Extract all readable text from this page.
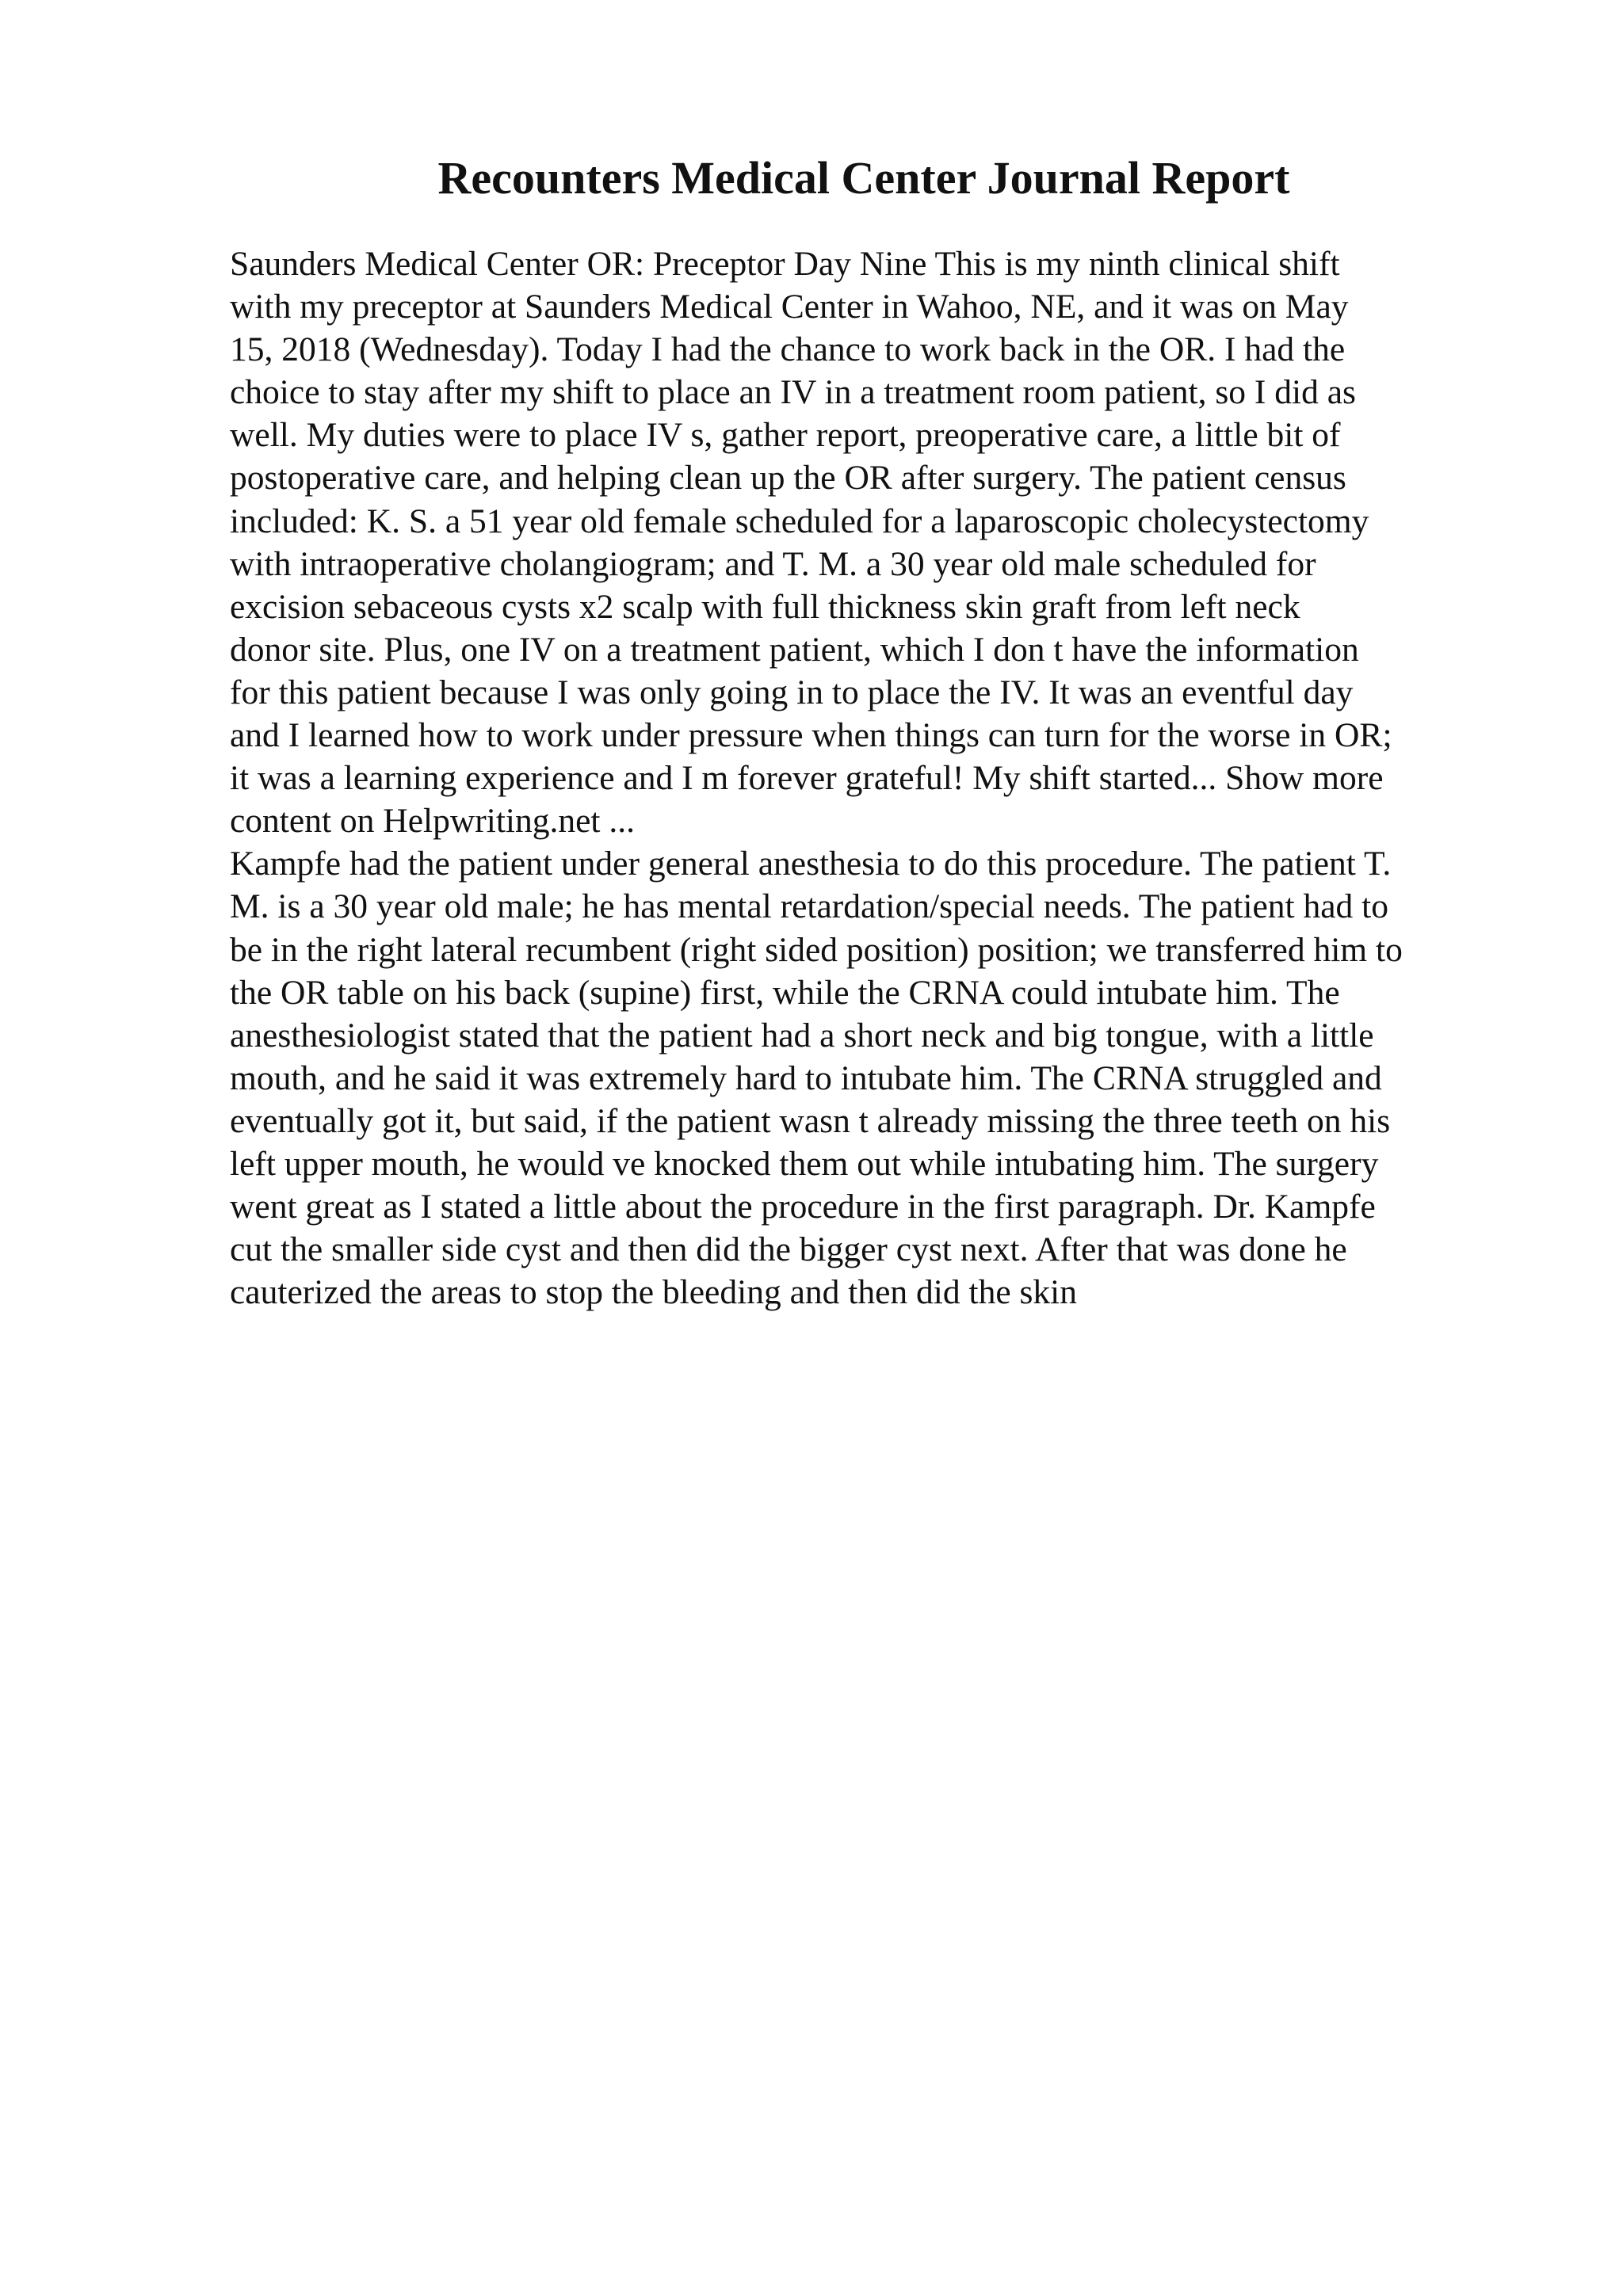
Recounters Medical Center Journal Report

Saunders Medical Center OR: Preceptor Day Nine This is my ninth clinical shift
with my preceptor at Saunders Medical Center in Wahoo, NE, and it was on May
15, 2018 (Wednesday). Today I had the chance to work back in the OR. I had the
choice to stay after my shift to place an IV in a treatment room patient, so I did as
well. My duties were to place IV s, gather report, preoperative care, a little bit of
postoperative care, and helping clean up the OR after surgery. The patient census
included: K. S. a 51 year old female scheduled for a laparoscopic cholecystectomy
with intraoperative cholangiogram; and T. M. a 30 year old male scheduled for
excision sebaceous cysts x2 scalp with full thickness skin graft from left neck
donor site. Plus, one IV on a treatment patient, which I don t have the information
for this patient because I was only going in to place the IV. It was an eventful day
and I learned how to work under pressure when things can turn for the worse in OR;
it was a learning experience and I m forever grateful! My shift started... Show more
content on Helpwriting.net ...

Kampfe had the patient under general anesthesia to do this procedure. The patient T.
M. is a 30 year old male; he has mental retardation/special needs. The patient had to
be in the right lateral recumbent (right sided position) position; we transferred him to
the OR table on his back (supine) first, while the CRNA could intubate him. The
anesthesiologist stated that the patient had a short neck and big tongue, with a little
mouth, and he said it was extremely hard to intubate him. The CRNA struggled and
eventually got it, but said, if the patient wasn t already missing the three teeth on his
left upper mouth, he would ve knocked them out while intubating him. The surgery
went great as I stated a little about the procedure in the first paragraph. Dr. Kampfe
cut the smaller side cyst and then did the bigger cyst next. After that was done he
cauterized the areas to stop the bleeding and then did the skin
